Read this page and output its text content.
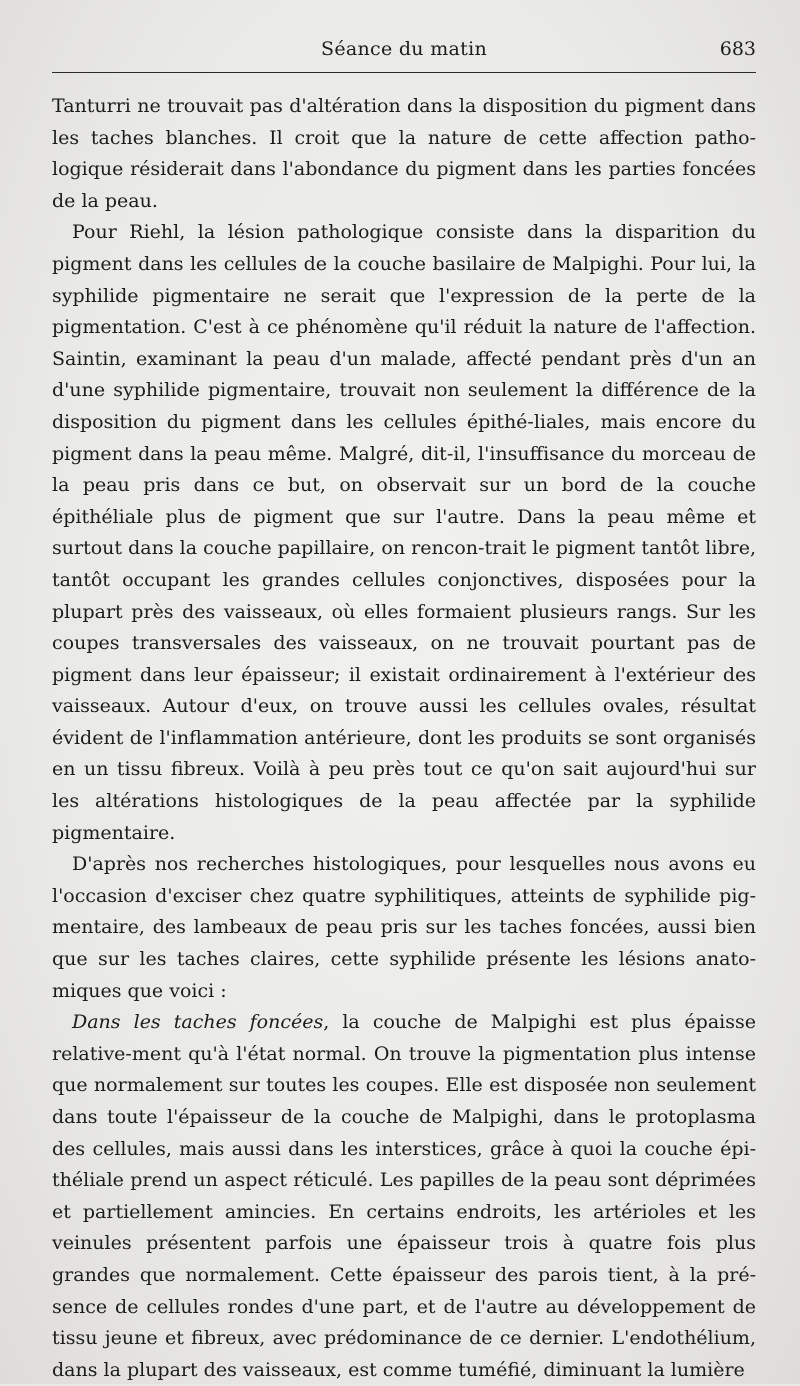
Séance du matin	683

Tanturri ne trouvait pas d'altération dans la disposition du pigment dans les taches blanches. Il croit que la nature de cette affection patho-logique résiderait dans l'abondance du pigment dans les parties foncées de la peau.

Pour Riehl, la lésion pathologique consiste dans la disparition du pigment dans les cellules de la couche basilaire de Malpighi. Pour lui, la syphilide pigmentaire ne serait que l'expression de la perte de la pigmentation. C'est à ce phénomène qu'il réduit la nature de l'affection. Saintin, examinant la peau d'un malade, affecté pendant près d'un an d'une syphilide pigmentaire, trouvait non seulement la différence de la disposition du pigment dans les cellules épithé-liales, mais encore du pigment dans la peau même. Malgré, dit-il, l'insuffisance du morceau de la peau pris dans ce but, on observait sur un bord de la couche épithéliale plus de pigment que sur l'autre. Dans la peau même et surtout dans la couche papillaire, on rencon-trait le pigment tantôt libre, tantôt occupant les grandes cellules conjonctives, disposées pour la plupart près des vaisseaux, où elles formaient plusieurs rangs. Sur les coupes transversales des vaisseaux, on ne trouvait pourtant pas de pigment dans leur épaisseur; il existait ordinairement à l'extérieur des vaisseaux. Autour d'eux, on trouve aussi les cellules ovales, résultat évident de l'inflammation antérieure, dont les produits se sont organisés en un tissu fibreux. Voilà à peu près tout ce qu'on sait aujourd'hui sur les altérations histologiques de la peau affectée par la syphilide pigmentaire.

D'après nos recherches histologiques, pour lesquelles nous avons eu l'occasion d'exciser chez quatre syphilitiques, atteints de syphilide pig-mentaire, des lambeaux de peau pris sur les taches foncées, aussi bien que sur les taches claires, cette syphilide présente les lésions anato-miques que voici :

Dans les taches foncées, la couche de Malpighi est plus épaisse relative-ment qu'à l'état normal. On trouve la pigmentation plus intense que normalement sur toutes les coupes. Elle est disposée non seulement dans toute l'épaisseur de la couche de Malpighi, dans le protoplasma des cellules, mais aussi dans les interstices, grâce à quoi la couche épi-théliale prend un aspect réticulé. Les papilles de la peau sont déprimées et partiellement amincies. En certains endroits, les artérioles et les veinules présentent parfois une épaisseur trois à quatre fois plus grandes que normalement. Cette épaisseur des parois tient, à la pré-sence de cellules rondes d'une part, et de l'autre au développement de tissu jeune et fibreux, avec prédominance de ce dernier. L'endothélium, dans la plupart des vaisseaux, est comme tuméfié, diminuant la lumière
